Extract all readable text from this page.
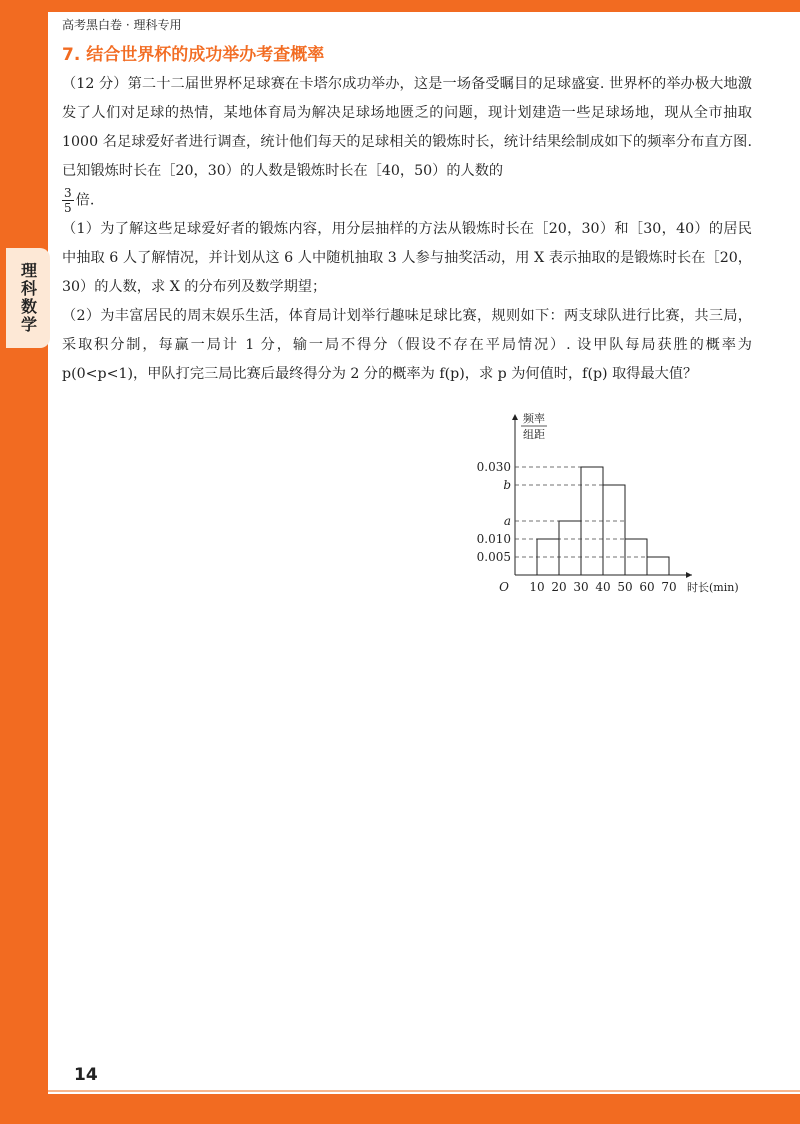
理科数学
高考黑白卷 · 理科专用
7. 结合世界杯的成功举办考查概率

（12 分）第二十二届世界杯足球赛在卡塔尔成功举办，这是一场备受瞩目的足球盛宴. 世界杯的举办极大地激发了人们对足球的热情，某地体育局为解决足球场地匮乏的问题，现计划建造一些足球场地，现从全市抽取 1000 名足球爱好者进行调查，统计他们每天的足球相关的锻炼时长，统计结果绘制成如下的频率分布直方图. 已知锻炼时长在［20，30）的人数是锻炼时长在［40，50）的人数的

$\frac{3}{5}$ 倍.

（1）为了解这些足球爱好者的锻炼内容，用分层抽样的方法从锻炼时长在［20，30）和［30，40）的居民中抽取 6 人了解情况，并计划从这 6 人中随机抽取 3 人参与抽奖活动，用 X 表示抽取的是锻炼时长在［20，30）的人数，求 X 的分布列及数学期望；

（2）为丰富居民的周末娱乐生活，体育局计划举行趣味足球比赛，规则如下：两支球队进行比赛，共三局，采取积分制，每赢一局计 1 分，输一局不得分（假设不存在平局情况）. 设甲队每局获胜的概率为 p(0<p<1)，甲队打完三局比赛后最终得分为 2 分的概率为 f(p)，求 p 为何值时，f(p) 取得最大值？

频率
组距
0.005
0.010
a
b
0.030
10 20 30 40 50 60 70
O	时长(min)
14
